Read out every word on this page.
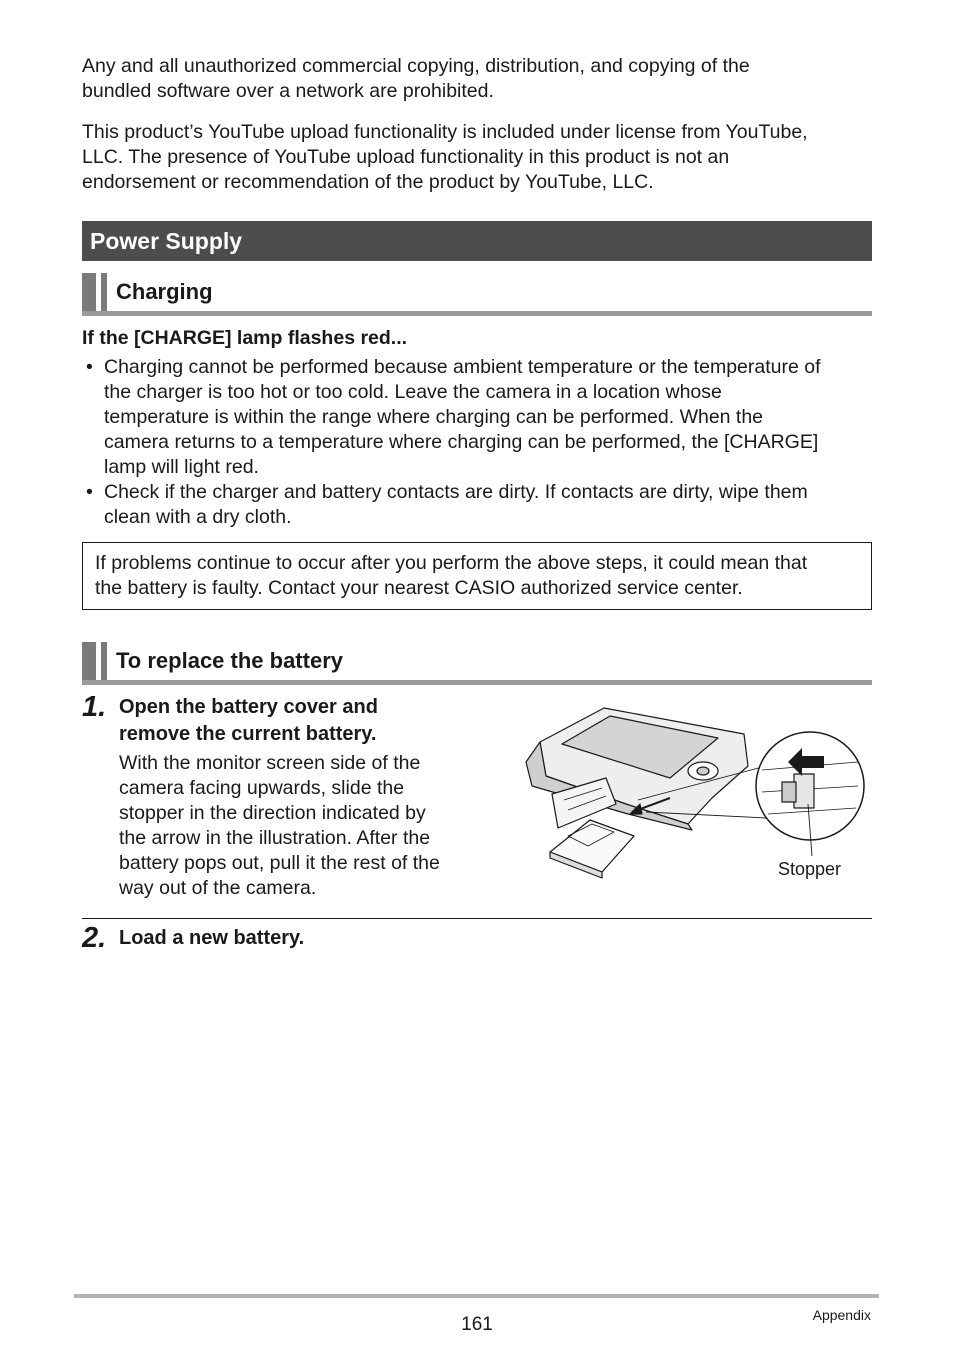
Any and all unauthorized commercial copying, distribution, and copying of the
bundled software over a network are prohibited.
This product’s YouTube upload functionality is included under license from YouTube,
LLC. The presence of YouTube upload functionality in this product is not an
endorsement or recommendation of the product by YouTube, LLC.
Power Supply
Charging
If the [CHARGE] lamp flashes red...
• Charging cannot be performed because ambient temperature or the temperature of
the charger is too hot or too cold. Leave the camera in a location whose
temperature is within the range where charging can be performed. When the
camera returns to a temperature where charging can be performed, the [CHARGE]
lamp will light red.
• Check if the charger and battery contacts are dirty. If contacts are dirty, wipe them
clean with a dry cloth.
If problems continue to occur after you perform the above steps, it could mean that
the battery is faulty. Contact your nearest CASIO authorized service center.
To replace the battery
1. Open the battery cover and
remove the current battery.
With the monitor screen side of the
camera facing upwards, slide the
stopper in the direction indicated by
the arrow in the illustration. After the
battery pops out, pull it the rest of the
way out of the camera.
Stopper
2. Load a new battery.
161	Appendix
